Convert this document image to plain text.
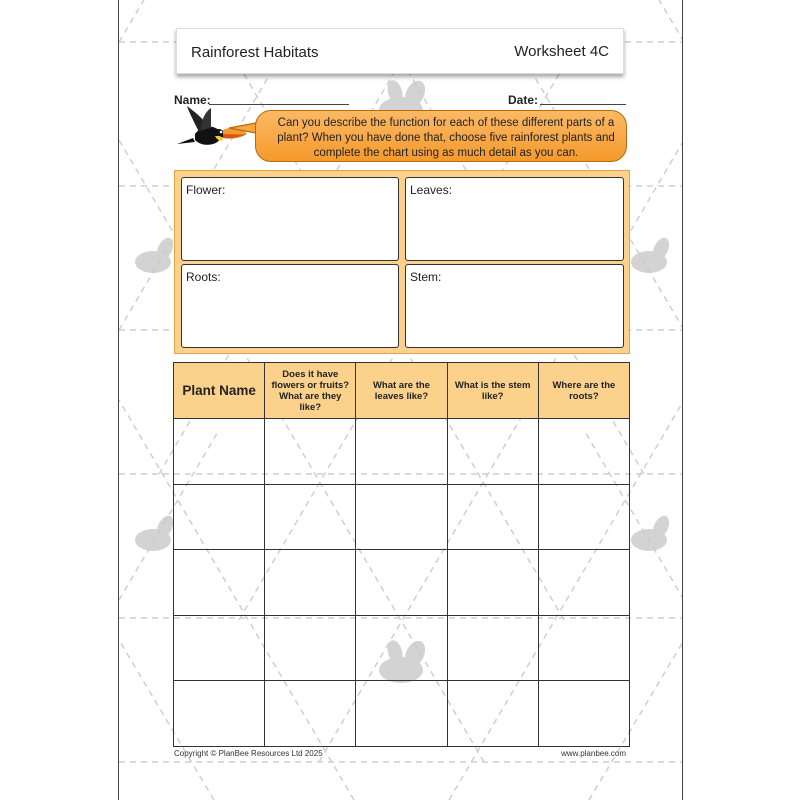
Rainforest Habitats	Worksheet 4C
Name:	Date:
Can you describe the function for each of these different parts of a plant? When you have done that, choose five rainforest plants and complete the chart using as much detail as you can.
Flower:	Leaves:
Roots:	Stem:
Plant Name	Does it have flowers or fruits? What are they like?	What are the leaves like?	What is the stem like?	Where are the roots?

Copyright © PlanBee Resources Ltd 2025	www.planbee.com
